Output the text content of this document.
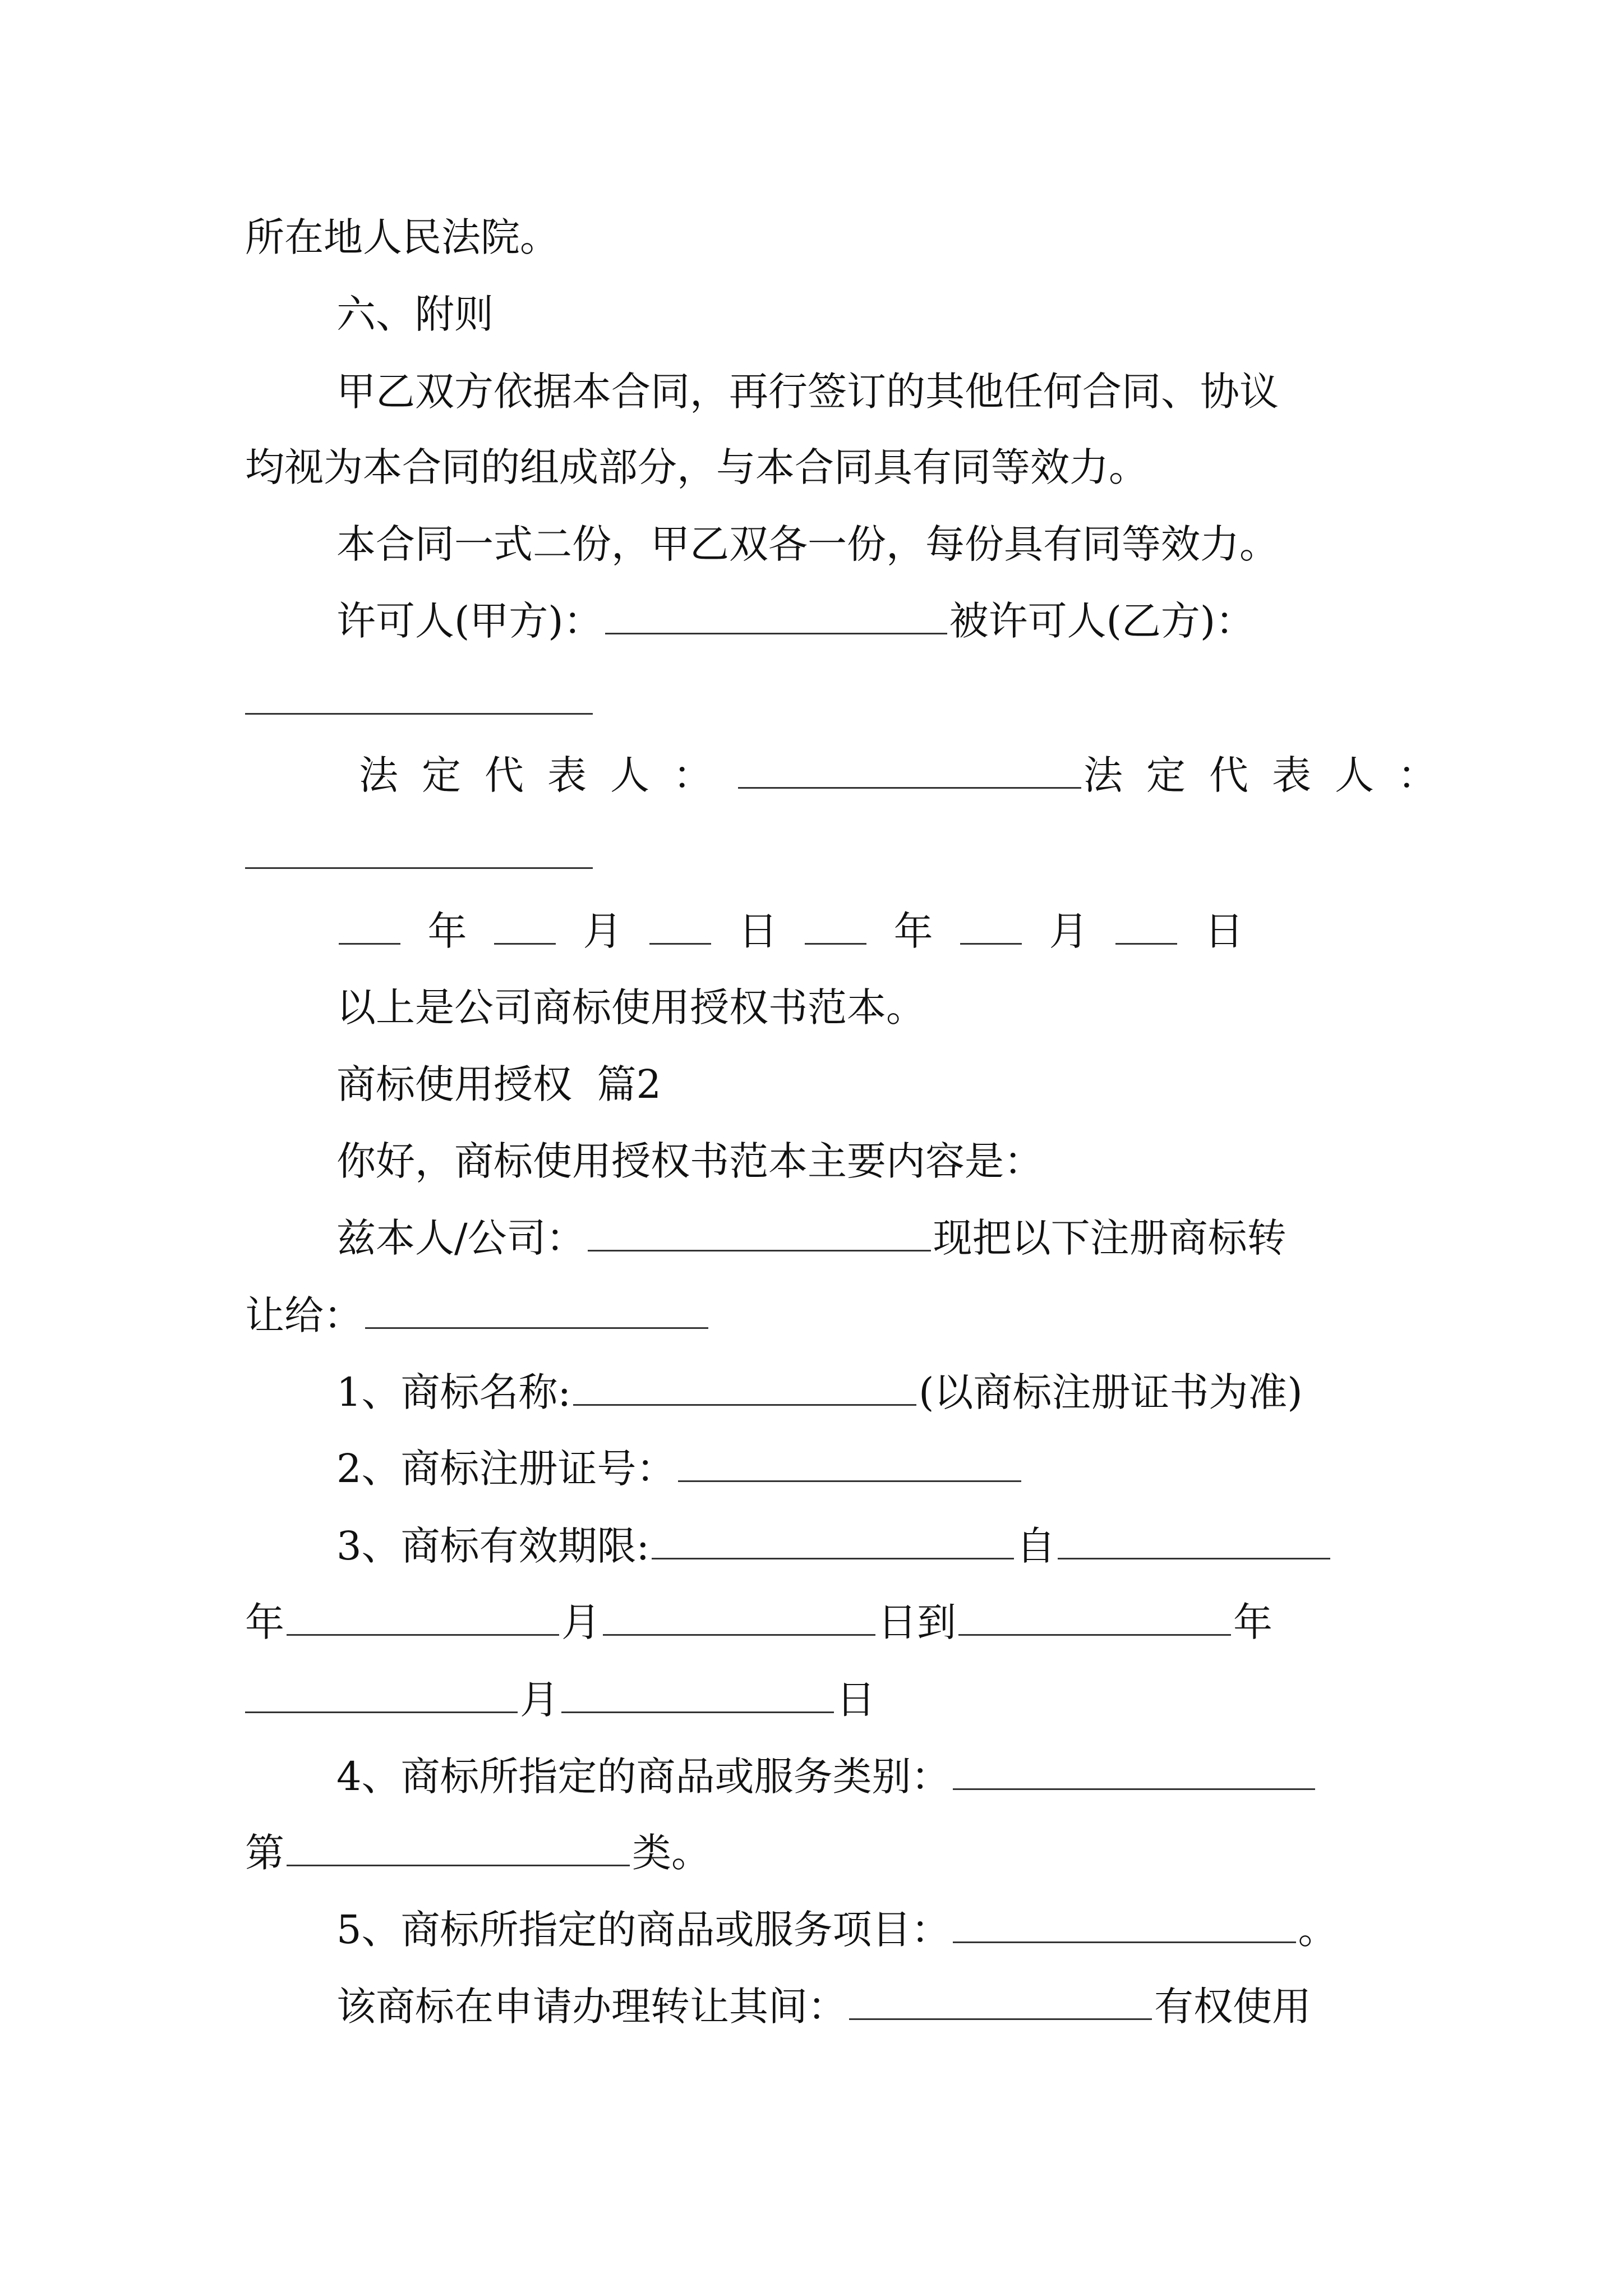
所在地人民法院。
六、附则
甲乙双方依据本合同，再行签订的其他任何合同、协议
均视为本合同的组成部分，与本合同具有同等效力。
本合同一式二份，甲乙双各一份，每份具有同等效力。
许可人(甲方)：	被许可人(乙方)：
法定代表人：	法定代表人：
年	月	日	年	月	日
以上是公司商标使用授权书范本。
商标使用授权  篇2
你好，商标使用授权书范本主要内容是：
兹本人/公司：	现把以下注册商标转
让给：
1、商标名称:	(以商标注册证书为准)
2、商标注册证号：
3、商标有效期限:	自
年	月	日到	年
月	日
4、商标所指定的商品或服务类别：
第	类。
5、商标所指定的商品或服务项目：	。
该商标在申请办理转让其间：	有权使用
